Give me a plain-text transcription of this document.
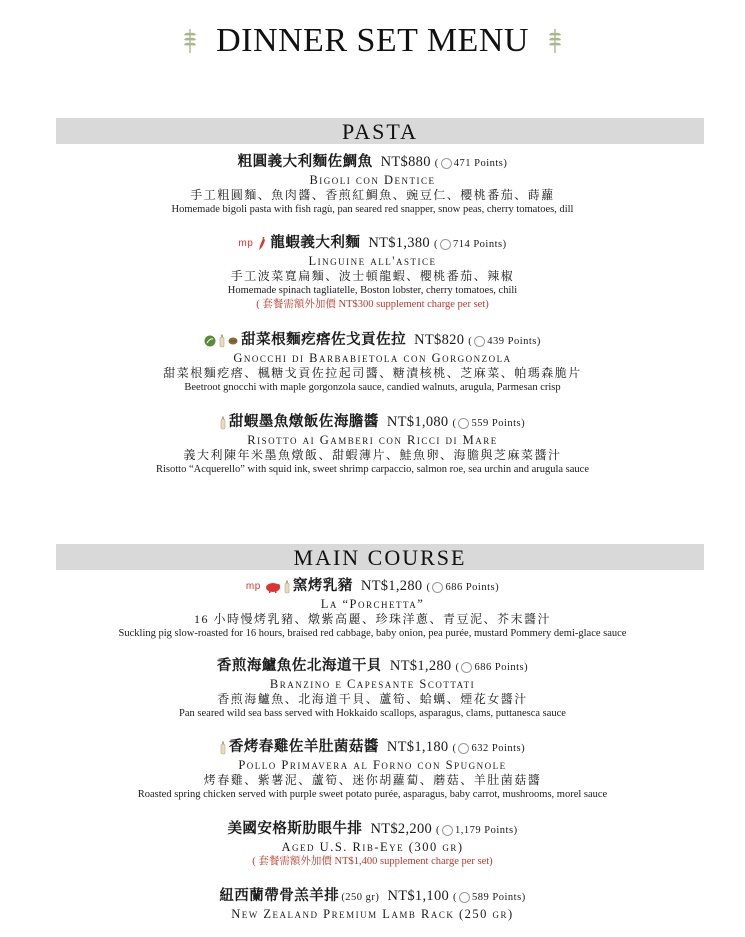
DINNER SET MENU
PASTA
粗圓義大利麵佐鯛魚 NT$880 ( 471 Points)
Bigoli con Dentice
手工粗圓麵、魚肉醬、香煎紅鯛魚、豌豆仁、櫻桃番茄、蒔蘿
Homemade bigoli pasta with fish ragù, pan seared red snapper, snow peas, cherry tomatoes, dill
mp 龍蝦義大利麵 NT$1,380 ( 714 Points)
Linguine all'astice
手工波菜寬扁麵、波士頓龍蝦、櫻桃番茄、辣椒
Homemade spinach tagliatelle, Boston lobster, cherry tomatoes, chili
( 套餐需額外加價 NT$300 supplement charge per set)
甜菜根麵疙瘩佐戈貢佐拉 NT$820 ( 439 Points)
Gnocchi di Barbabietola con Gorgonzola
甜菜根麵疙瘩、楓糖戈貢佐拉起司醬、糖漬核桃、芝麻菜、帕瑪森脆片
Beetroot gnocchi with maple gorgonzola sauce, candied walnuts, arugula, Parmesan crisp
甜蝦墨魚燉飯佐海膽醬 NT$1,080 ( 559 Points)
Risotto ai Gamberi con Ricci di Mare
義大利陳年米墨魚燉飯、甜蝦薄片、鮭魚卵、海膽與芝麻菜醬汁
Risotto “Acquerello” with squid ink, sweet shrimp carpaccio, salmon roe, sea urchin and arugula sauce
MAIN COURSE
mp 窯烤乳豬 NT$1,280 ( 686 Points)
La “Porchetta”
16 小時慢烤乳豬、燉紫高麗、珍珠洋蔥、青豆泥、芥末醬汁
Suckling pig slow-roasted for 16 hours, braised red cabbage, baby onion, pea purée, mustard Pommery demi-glace sauce
香煎海鱸魚佐北海道干貝 NT$1,280 ( 686 Points)
Branzino e Capesante Scottati
香煎海鱸魚、北海道干貝、蘆筍、蛤蠣、煙花女醬汁
Pan seared wild sea bass served with Hokkaido scallops, asparagus, clams, puttanesca sauce
香烤春雞佐羊肚菌菇醬 NT$1,180 ( 632 Points)
Pollo Primavera al Forno con Spugnole
烤春雞、紫薯泥、蘆筍、迷你胡蘿蔔、蘑菇、羊肚菌菇醬
Roasted spring chicken served with purple sweet potato purée, asparagus, baby carrot, mushrooms, morel sauce
美國安格斯肋眼牛排 NT$2,200 ( 1,179 Points)
Aged U.S. Rib-Eye (300 gr)
( 套餐需額外加價 NT$1,400 supplement charge per set)
紐西蘭帶骨羔羊排 (250 gr) NT$1,100 ( 589 Points)
New Zealand Premium Lamb Rack (250 gr)
